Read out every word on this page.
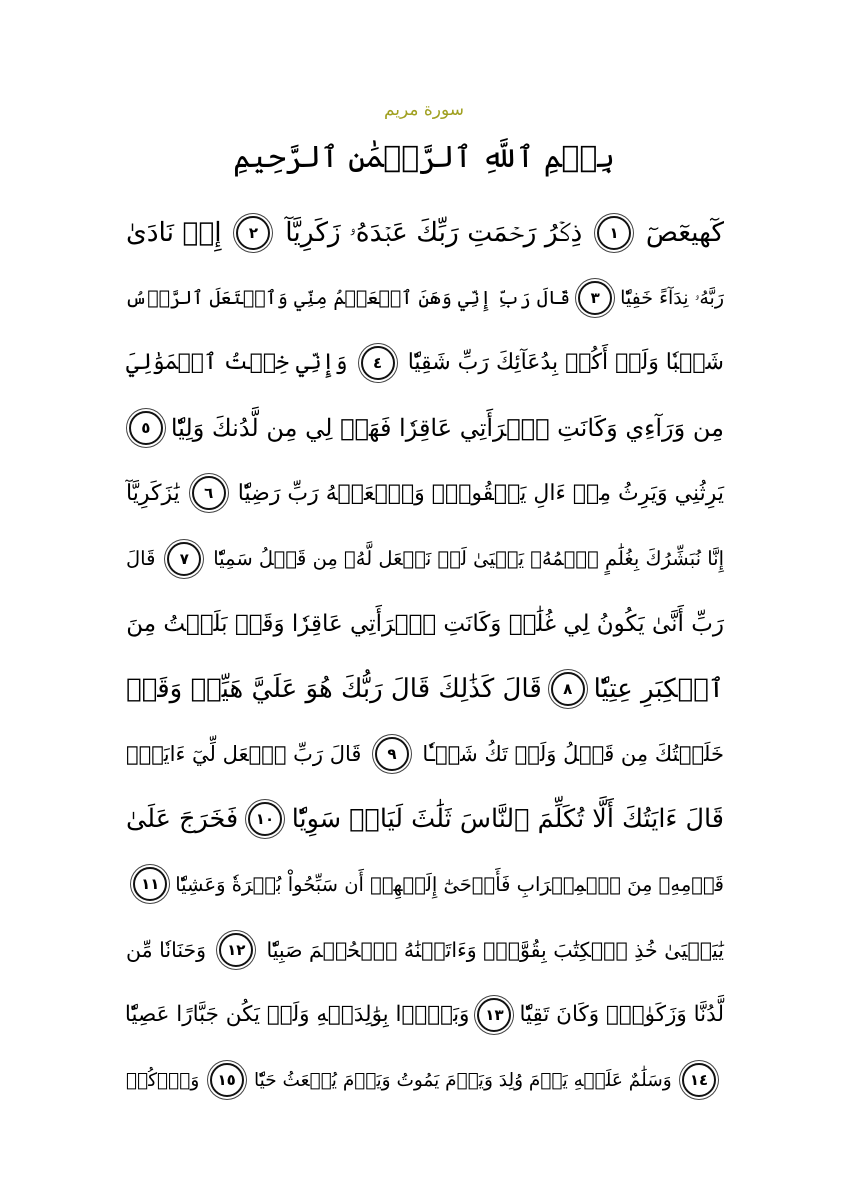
سورة مريم
بِسۡمِ ٱللَّهِ ٱلرَّحۡمَٰنِ ٱلرَّحِيمِ
كٓهيعٓصٓ
١
ذِكۡرُ رَحۡمَتِ رَبِّكَ عَبۡدَهُۥ زَكَرِيَّآ
٢
إِذۡ نَادَىٰ
رَبَّهُۥ نِدَآءً خَفِيّٗا
٣
قَالَ رَبِّ إِنِّي وَهَنَ ٱلۡعَظۡمُ مِنِّي وَٱشۡتَعَلَ ٱلرَّأۡسُ
شَيۡبٗا وَلَمۡ أَكُنۢ بِدُعَآئِكَ رَبِّ شَقِيّٗا
٤
وَإِنِّي خِفۡتُ ٱلۡمَوَٰلِيَ
مِن وَرَآءِي وَكَانَتِ ٱمۡرَأَتِي عَاقِرٗا فَهَبۡ لِي مِن لَّدُنكَ وَلِيّٗا
٥
يَرِثُنِي وَيَرِثُ مِنۡ ءَالِ يَعۡقُوبَۖ وَٱجۡعَلۡهُ رَبِّ رَضِيّٗا
٦
يَٰزَكَرِيَّآ
إِنَّا نُبَشِّرُكَ بِغُلَٰمٍ ٱسۡمُهُۥ يَحۡيَىٰ لَمۡ نَجۡعَل لَّهُۥ مِن قَبۡلُ سَمِيّٗا
٧
قَالَ
رَبِّ أَنَّىٰ يَكُونُ لِي غُلَٰمٞ وَكَانَتِ ٱمۡرَأَتِي عَاقِرٗا وَقَدۡ بَلَغۡتُ مِنَ
ٱلۡكِبَرِ عِتِيّٗا
٨
قَالَ كَذَٰلِكَ قَالَ رَبُّكَ هُوَ عَلَيَّ هَيِّنٞ وَقَدۡ
خَلَقۡتُكَ مِن قَبۡلُ وَلَمۡ تَكُ شَيۡـٔٗا
٩
قَالَ رَبِّ ٱجۡعَل لِّيٓ ءَايَةٗۚ
قَالَ ءَايَتُكَ أَلَّا تُكَلِّمَ ٱلنَّاسَ ثَلَٰثَ لَيَالٖ سَوِيّٗا
١٠
فَخَرَجَ عَلَىٰ
قَوۡمِهِۦ مِنَ ٱلۡمِحۡرَابِ فَأَوۡحَىٰٓ إِلَيۡهِمۡ أَن سَبِّحُواْ بُكۡرَةٗ وَعَشِيّٗا
١١
يَٰيَحۡيَىٰ خُذِ ٱلۡكِتَٰبَ بِقُوَّةٖۖ وَءَاتَيۡنَٰهُ ٱلۡحُكۡمَ صَبِيّٗا
١٢
وَحَنَانٗا مِّن
لَّدُنَّا وَزَكَوٰةٗۖ وَكَانَ تَقِيّٗا
١٣
وَبَرَّۢا بِوَٰلِدَيۡهِ وَلَمۡ يَكُن جَبَّارًا عَصِيّٗا
١٤
وَسَلَٰمٌ عَلَيۡهِ يَوۡمَ وُلِدَ وَيَوۡمَ يَمُوتُ وَيَوۡمَ يُبۡعَثُ حَيّٗا
١٥
وَٱذۡكُرۡ
